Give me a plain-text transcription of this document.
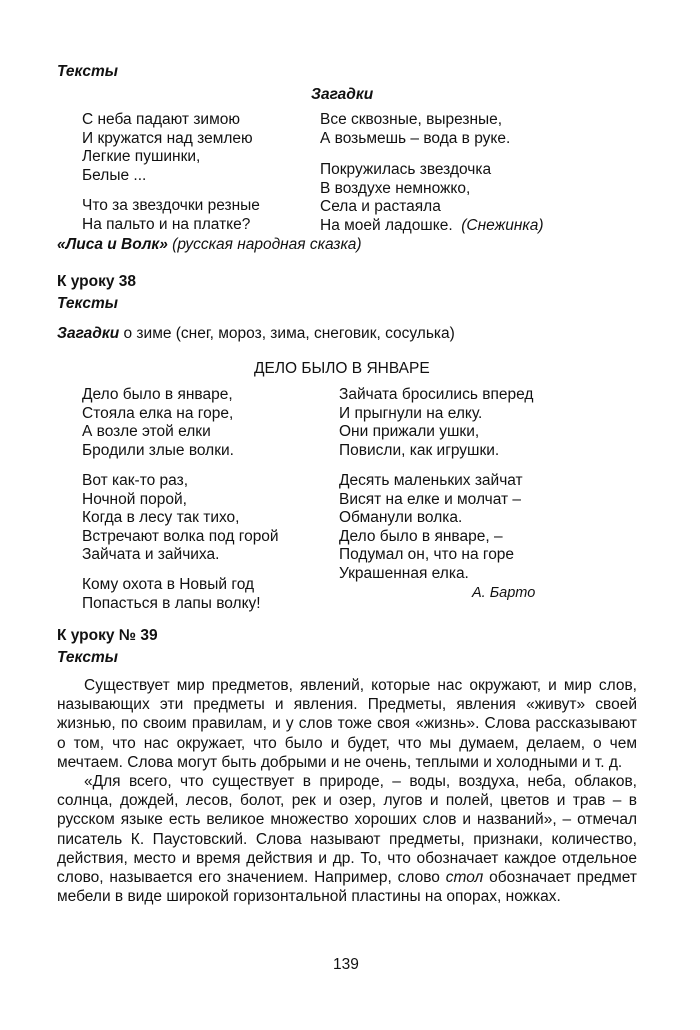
Тексты
Загадки
С неба падают зимою
И кружатся над землею
Легкие пушинки,
Белые ...
Что за звездочки резные
На пальто и на платке?
Все сквозные, вырезные,
А возьмешь – вода в руке.
Покружилась звездочка
В воздухе немножко,
Села и растаяла
На моей ладошке. (Снежинка)
«Лиса и Волк» (русская народная сказка)
К уроку 38
Тексты
Загадки о зиме (снег, мороз, зима, снеговик, сосулька)
ДЕЛО БЫЛО В ЯНВАРЕ
Дело было в январе,
Стояла елка на горе,
А возле этой елки
Бродили злые волки.
Вот как-то раз,
Ночной порой,
Когда в лесу так тихо,
Встречают волка под горой
Зайчата и зайчиха.
Кому охота в Новый год
Попасться в лапы волку!
Зайчата бросились вперед
И прыгнули на елку.
Они прижали ушки,
Повисли, как игрушки.
Десять маленьких зайчат
Висят на елке и молчат –
Обманули волка.
Дело было в январе, –
Подумал он, что на горе
Украшенная елка.
А. Барто
К уроку № 39
Тексты

Существует мир предметов, явлений, которые нас окружают, и мир слов, называющих эти предметы и явления. Предметы, явления «живут» своей жизнью, по своим правилам, и у слов тоже своя «жизнь». Слова рассказывают о том, что нас окружает, что было и будет, что мы думаем, делаем, о чем мечтаем. Слова могут быть добрыми и не очень, теплыми и холодными и т. д.

«Для всего, что существует в природе, – воды, воздуха, неба, облаков, солнца, дождей, лесов, болот, рек и озер, лугов и полей, цветов и трав – в русском языке есть великое множество хороших слов и названий», – отмечал писатель К. Паустовский. Слова называют предметы, признаки, количество, действия, место и время действия и др. То, что обозначает каждое отдельное слово, называется его значением. Например, слово стол обозначает предмет мебели в виде широкой горизонтальной пластины на опорах, ножках.

139
